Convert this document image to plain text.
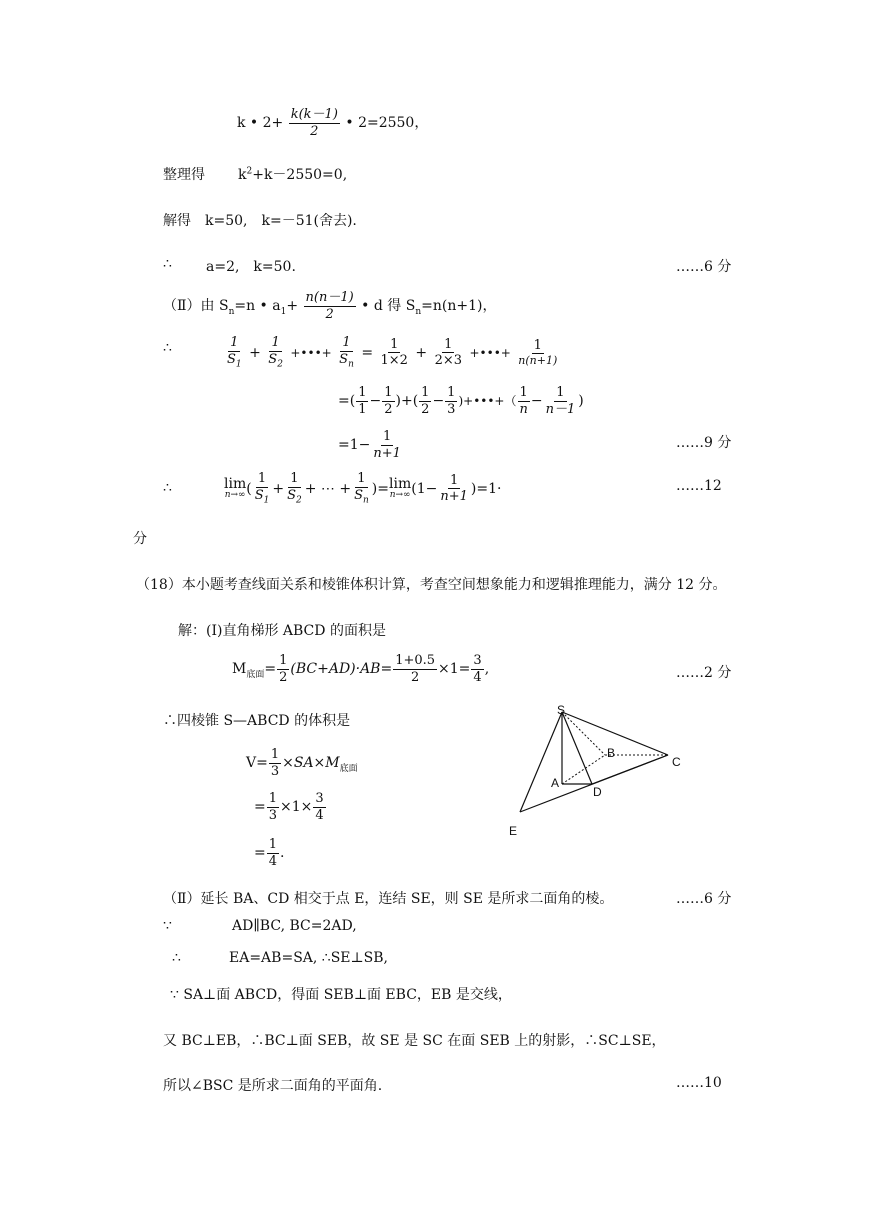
k • $2+ \frac{k(k-1)}{2}$ • 2=2550，
整理得 $k^2+k-2550=0$,
解得　k=50,　k=－51(舍去).
∴ a=2,　k=50.	……6 分
（Ⅱ）由 $S_n=n$ • $a_1+ \frac{n(n-1)}{2}$ • d 得 $S_n=n(n+1)$，
∴	$\frac{1}{S_1} + \frac{1}{S_2}$ +•••+ $\frac{1}{S_n} = \frac{1}{1\times 2} + \frac{1}{2\times 3}$ +•••+ $\frac{1}{n(n+1)}$
=( $\frac{1}{1} - \frac{1}{2}$ )+( $\frac{1}{2} - \frac{1}{3}$ )+•••+（ $\frac{1}{n} - \frac{1}{n-1}$ )
$=1- \frac{1}{n+1}$	……9 分
∴	lim
n→∞ ( $\frac{1}{S_1} + \frac{1}{S_2}$ + ⋯ + $\frac{1}{S_n}$ )= lim
n→∞ $(1- \frac{1}{n+1} )=1\cdot$	……12
分
（18）本小题考查线面关系和棱锥体积计算，考查空间想象能力和逻辑推理能力，满分 12 分。
解：(Ⅰ)直角梯形 ABCD 的面积是
$M_{底面}= \frac{1}{2} (BC+AD)\cdot AB= \frac{1+0.5}{2} \times 1= \frac{3}{4}$ ,	……2 分
∴四棱锥 S—ABCD 的体积是
$V= \frac{1}{3} \times SA\times M_{底面}$
= $\frac{1}{3} \times 1\times \frac{3}{4}$
= $\frac{1}{4}$ .
S
B
C
A
D
E
（Ⅱ）延长 BA、CD 相交于点 E，连结 SE，则 SE 是所求二面角的棱。	……6 分
∵	AD∥BC, BC=2AD,
∴	EA=AB=SA, ∴SE⊥SB,
∵ SA⊥面 ABCD，得面 SEB⊥面 EBC，EB 是交线，
又 BC⊥EB，∴BC⊥面 SEB，故 SE 是 SC 在面 SEB 上的射影，∴SC⊥SE，
所以∠BSC 是所求二面角的平面角.	……10
